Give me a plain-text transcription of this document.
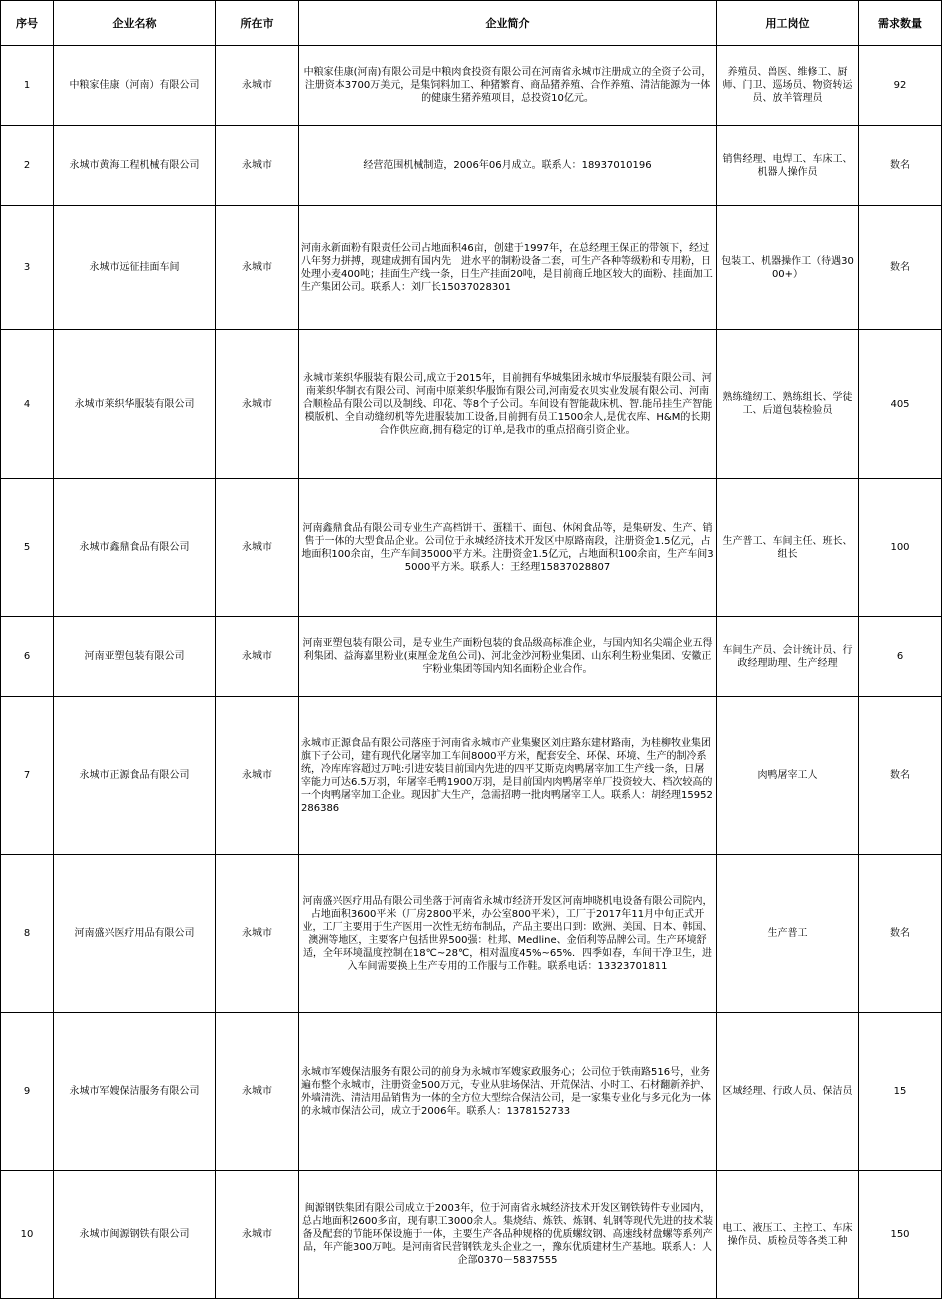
序号	企业名称	所在市	企业简介	用工岗位	需求数量
1	中粮家佳康（河南）有限公司	永城市	中粮家佳康(河南)有限公司是中粮肉食投资有限公司在河南省永城市注册成立的全资子公司，注册资本3700万美元，是集饲料加工、种猪繁育、商品猪养殖、合作养殖、清洁能源为一体的健康生猪养殖项目，总投资10亿元。	养殖员、兽医、维修工、厨师、门卫、巡场员、物资转运员、放羊管理员	92
2	永城市黄海工程机械有限公司	永城市	经营范围机械制造，2006年06月成立。联系人：18937010196	销售经理、电焊工、车床工、机器人操作员	数名
3	永城市远征挂面车间	永城市	河南永新面粉有限责任公司占地面积46亩，创建于1997年，在总经理王保正的带领下，经过八年努力拼搏，现建成拥有国内先　进水平的制粉设备二套，可生产各种等级粉和专用粉，日处理小麦400吨；挂面生产线一条，日生产挂面20吨，是目前商丘地区较大的面粉、挂面加工生产集团公司。联系人：刘厂长15037028301	包装工、机器操作工（待遇3000+）	数名
4	永城市莱织华服装有限公司	永城市	永城市莱织华服装有限公司,成立于2015年，目前拥有华城集团永城市华辰服装有限公司、河南莱织华制衣有限公司、河南中原莱织华服饰有限公司,河南爱衣贝实业发展有限公司、河南合顺检品有限公司以及制线、印花、等8个子公司。车间设有智能裁床机、智.能吊挂生产智能模版机、全自动缝纫机等先进服装加工设备,目前拥有员工1500余人,是优衣库、H&M的长期合作供应商,拥有稳定的订单,是我市的重点招商引资企业。	熟练缝纫工、熟练组长、学徒工、后道包装检验员	405
5	永城市鑫鼎食品有限公司	永城市	河南鑫鼎食品有限公司专业生产高档饼干、蛋糕干、面包、休闲食品等，是集研发、生产、销售于一体的大型食品企业。公司位于永城经济技术开发区中原路南段，注册资金1.5亿元，占地面积100余亩，生产车间35000平方米。注册资金1.5亿元，占地面积100余亩，生产车间35000平方米。联系人：王经理15837028807	生产普工、车间主任、班长、组长	100
6	河南亚塑包装有限公司	永城市	河南亚塑包装有限公司，是专业生产面粉包装的食品级高标准企业，与国内知名尖端企业五得利集团、益海嘉里粉业(東厘金龙鱼公司)、河北金沙河粉业集团、山东利生粉业集团、安徽正宇粉业集团等国内知名面粉企业合作。	车间生产员、会计统计员、行政经理助理、生产经理	6
7	永城市正源食品有限公司	永城市	永城市正源食品有限公司落座于河南省永城市产业集聚区刘庄路东建材路南，为桂柳牧业集团旗下子公司，建有现代化屠宰加工车间8000平方米，配套安全、环保、环境、生产的制冷系统，冷库库容超过万吨:引进安装目前国内先进的四平艾斯克肉鸭屠宰加工生产线一条，日屠宰能力可达6.5万羽，年屠宰毛鸭1900万羽，是目前国内肉鸭屠宰单厂投资较大、档次较高的一个肉鸭屠宰加工企业。现因扩大生产，急需招聘一批肉鸭屠宰工人。联系人：胡经理15952286386	肉鸭屠宰工人	数名
8	河南盛兴医疗用品有限公司	永城市	河南盛兴医疗用品有限公司坐落于河南省永城市经济开发区河南坤晓机电设备有限公司院内，占地面积3600平米（厂房2800平米，办公室800平米），工厂于2017年11月中旬正式开业，工厂主要用于生产医用一次性无纺布制品，产品主要出口到：欧洲、美国、日本、韩国、澳洲等地区，主要客户包括世界500强：杜邦、Medline、金佰利等品牌公司。生产环境舒适，全年环境温度控制在18℃~28℃，相对温度45%~65%．四季如春，车间干净卫生，进入车间需要换上生产专用的工作服与工作鞋。联系电话：13323701811	生产普工	数名
9	永城市军嫂保洁服务有限公司	永城市	永城市军嫂保洁服务有限公司的前身为永城市军嫂家政服务心；公司位于铁南路516号，业务遍布整个永城市，注册资金500万元，专业从驻场保洁、开荒保洁、小时工、石材翻新养护、外墙清洗、清洁用品销售为一体的全方位大型综合保洁公司，是一家集专业化与多元化为一体的永城市保洁公司，成立于2006年。联系人：1378152733	区域经理、行政人员、保洁员	15
10	永城市闽源钢铁有限公司	永城市	闽源钢铁集团有限公司成立于2003年，位于河南省永城经济技术开发区钢铁铸件专业园内，总占地面积2600多亩，现有职工3000余人。集烧结、炼铁、炼钢、轧钢等现代先进的技术装备及配套的节能环保设施于一体，主要生产各品种规格的优质螺纹钢、高速线材盘螺等系列产品，年产能300万吨。是河南省民营钢铁龙头企业之一，豫东优质建材生产基地。联系人：人企部0370－5837555	电工、液压工、主控工、车床操作员、质检员等各类工种	150
